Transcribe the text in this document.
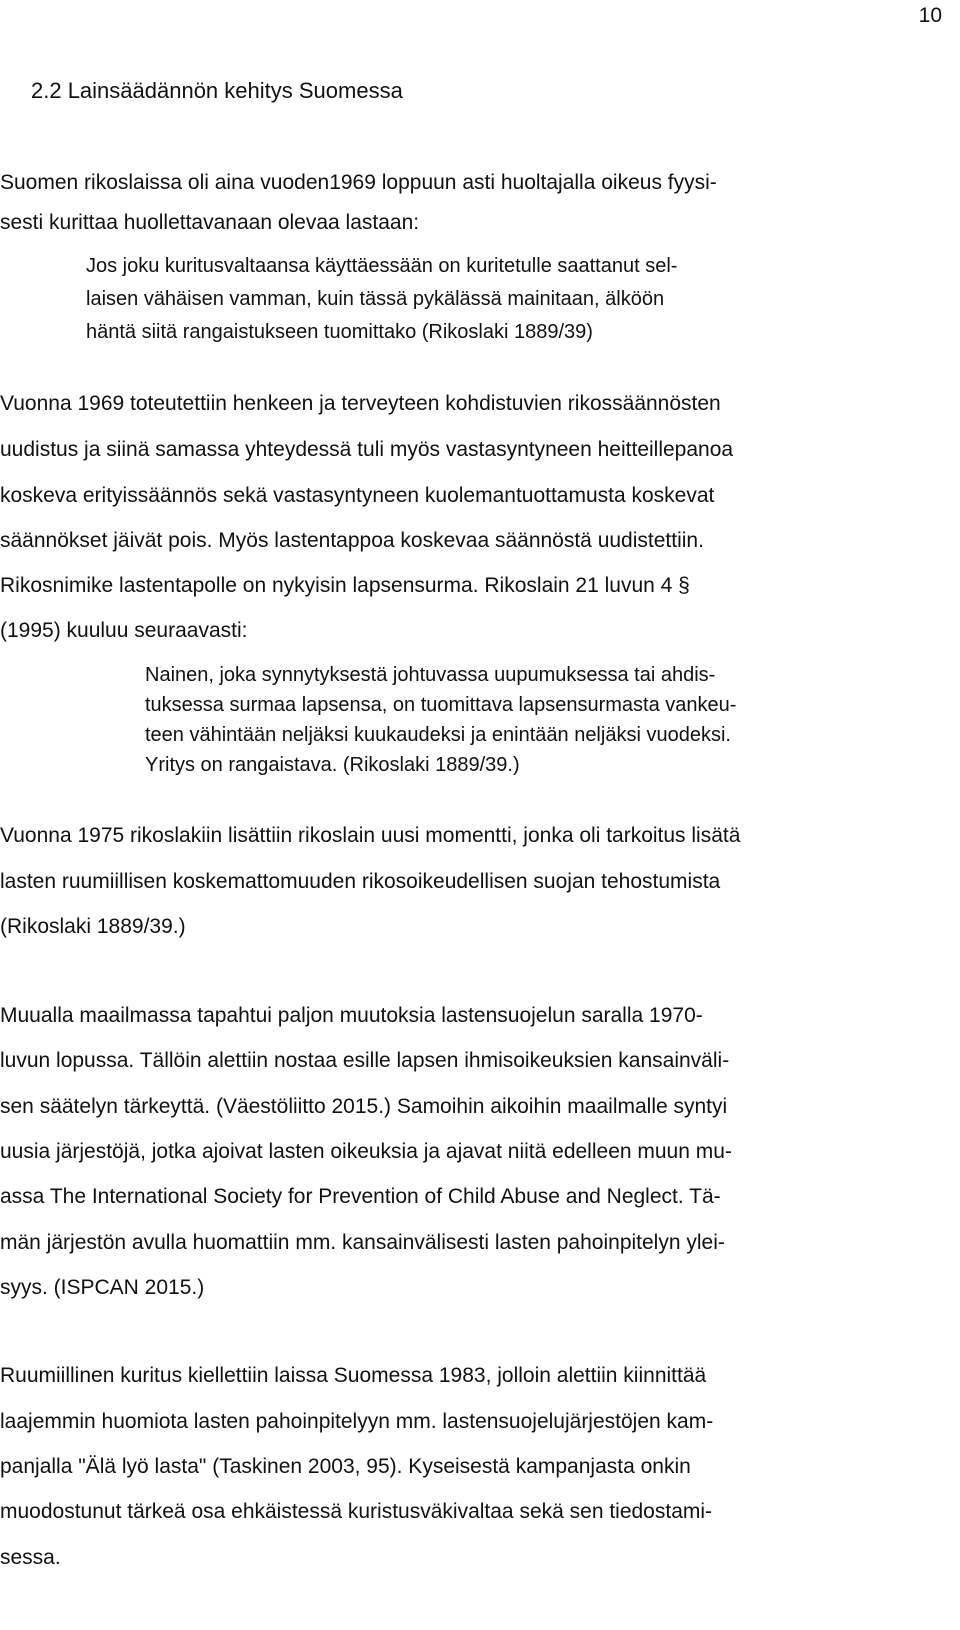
10
2.2 Lainsäädännön kehitys Suomessa
Suomen rikoslaissa oli aina vuoden1969 loppuun asti huoltajalla oikeus fyysi-
sesti kurittaa huollettavanaan olevaa lastaan:
Jos joku kuritusvaltaansa käyttäessään on kuritetulle saattanut sel-
laisen vähäisen vamman, kuin tässä pykälässä mainitaan, älköön
häntä siitä rangaistukseen tuomittako (Rikoslaki 1889/39)
Vuonna 1969 toteutettiin henkeen ja terveyteen kohdistuvien rikossäännösten
uudistus ja siinä samassa yhteydessä tuli myös vastasyntyneen heitteillepanoa
koskeva erityissäännös sekä vastasyntyneen kuolemantuottamusta koskevat
säännökset jäivät pois. Myös lastentappoa koskevaa säännöstä uudistettiin.
Rikosnimike lastentapolle on nykyisin lapsensurma. Rikoslain 21 luvun 4 §
(1995) kuuluu seuraavasti:
Nainen, joka synnytyksestä johtuvassa uupumuksessa tai ahdis-
tuksessa surmaa lapsensa, on tuomittava lapsensurmasta vankeu-
teen vähintään neljäksi kuukaudeksi ja enintään neljäksi vuodeksi.
Yritys on rangaistava. (Rikoslaki 1889/39.)
Vuonna 1975 rikoslakiin lisättiin rikoslain uusi momentti, jonka oli tarkoitus lisätä
lasten ruumiillisen koskemattomuuden rikosoikeudellisen suojan tehostumista
(Rikoslaki 1889/39.)
Muualla maailmassa tapahtui paljon muutoksia lastensuojelun saralla 1970-
luvun lopussa. Tällöin alettiin nostaa esille lapsen ihmisoikeuksien kansainväli-
sen säätelyn tärkeyttä. (Väestöliitto 2015.) Samoihin aikoihin maailmalle syntyi
uusia järjestöjä, jotka ajoivat lasten oikeuksia ja ajavat niitä edelleen muun mu-
assa The International Society for Prevention of Child Abuse and Neglect. Tä-
män järjestön avulla huomattiin mm. kansainvälisesti lasten pahoinpitelyn ylei-
syys. (ISPCAN 2015.)
Ruumiillinen kuritus kiellettiin laissa Suomessa 1983, jolloin alettiin kiinnittää
laajemmin huomiota lasten pahoinpitelyyn mm. lastensuojelujärjestöjen kam-
panjalla "Älä lyö lasta" (Taskinen 2003, 95). Kyseisestä kampanjasta onkin
muodostunut tärkeä osa ehkäistessä kuristusväkivaltaa sekä sen tiedostami-
sessa.
